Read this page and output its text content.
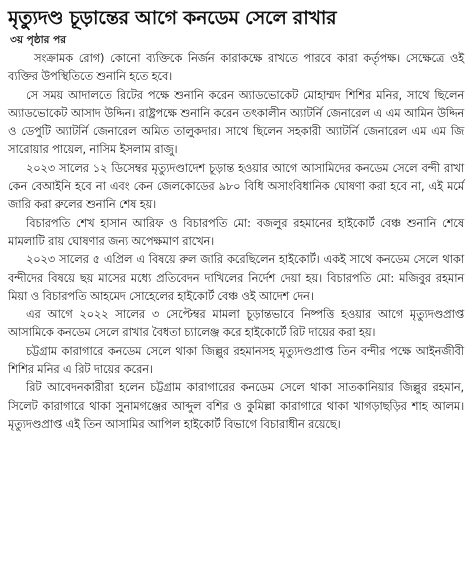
মৃত্যুদণ্ড চূড়ান্তের আগে কনডেম সেলে রাখার
৩য় পৃষ্ঠার পর

সংক্রামক রোগ) কোনো ব্যক্তিকে নির্জন কারাকক্ষে রাখতে পারবে কারা কর্তৃপক্ষ। সেক্ষেত্রে ওই ব্যক্তির উপস্থিতিতে শুনানি হতে হবে।

সে সময় আদালতে রিটের পক্ষে শুনানি করেন অ্যাডভোকেট মোহাম্মদ শিশির মনির, সাথে ছিলেন অ্যাডভোকেট আসাদ উদ্দিন। রাষ্ট্রপক্ষে শুনানি করেন তৎকালীন অ্যাটর্নি জেনারেল এ এম আমিন উদ্দিন ও ডেপুটি অ্যাটর্নি জেনারেল অমিত তালুকদার। সাথে ছিলেন সহকারী অ্যাটর্নি জেনারেল এম এম জি সারোয়ার পায়েল, নাসিম ইসলাম রাজু।

২০২৩ সালের ১২ ডিসেম্বর মৃত্যুদণ্ডাদেশ চূড়ান্ত হওয়ার আগে আসামিদের কনডেম সেলে বন্দী রাখা কেন বেআইনি হবে না এবং কেন জেলকোডের ৯৮০ বিধি অসাংবিধানিক ঘোষণা করা হবে না, এই মর্মে জারি করা রুলের শুনানি শেষ হয়।

বিচারপতি শেখ হাসান আরিফ ও বিচারপতি মো: বজলুর রহমানের হাইকোর্ট বেঞ্চ শুনানি শেষে মামলাটি রায় ঘোষণার জন্য অপেক্ষমাণ রাখেন।

২০২৩ সালের ৫ এপ্রিল এ বিষয়ে রুল জারি করেছিলেন হাইকোর্ট। একই সাথে কনডেম সেলে থাকা বন্দীদের বিষয়ে ছয় মাসের মধ্যে প্রতিবেদন দাখিলের নির্দেশ দেয়া হয়। বিচারপতি মো: মজিবুর রহমান মিয়া ও বিচারপতি আহমেদ সোহেলের হাইকোর্ট বেঞ্চ ওই আদেশ দেন।

এর আগে ২০২২ সালের ৩ সেপ্টেম্বর মামলা চূড়ান্তভাবে নিষ্পত্তি হওয়ার আগে মৃত্যুদণ্ডপ্রাপ্ত আসামিকে কনডেম সেলে রাখার বৈধতা চ্যালেঞ্জ করে হাইকোর্টে রিট দায়ের করা হয়।

চট্টগ্রাম কারাগারে কনডেম সেলে থাকা জিল্লুর রহমানসহ মৃত্যুদণ্ডপ্রাপ্ত তিন বন্দীর পক্ষে আইনজীবী শিশির মনির এ রিট দায়ের করেন।

রিট আবেদনকারীরা হলেন চট্টগ্রাম কারাগারের কনডেম সেলে থাকা সাতকানিয়ার জিল্লুর রহমান, সিলেট কারাগারে থাকা সুনামগঞ্জের আব্দুল বশির ও কুমিল্লা কারাগারে থাকা খাগড়াছড়ির শাহ আলম। মৃত্যুদণ্ডপ্রাপ্ত এই তিন আসামির আপিল হাইকোর্ট বিভাগে বিচারাধীন রয়েছে।
